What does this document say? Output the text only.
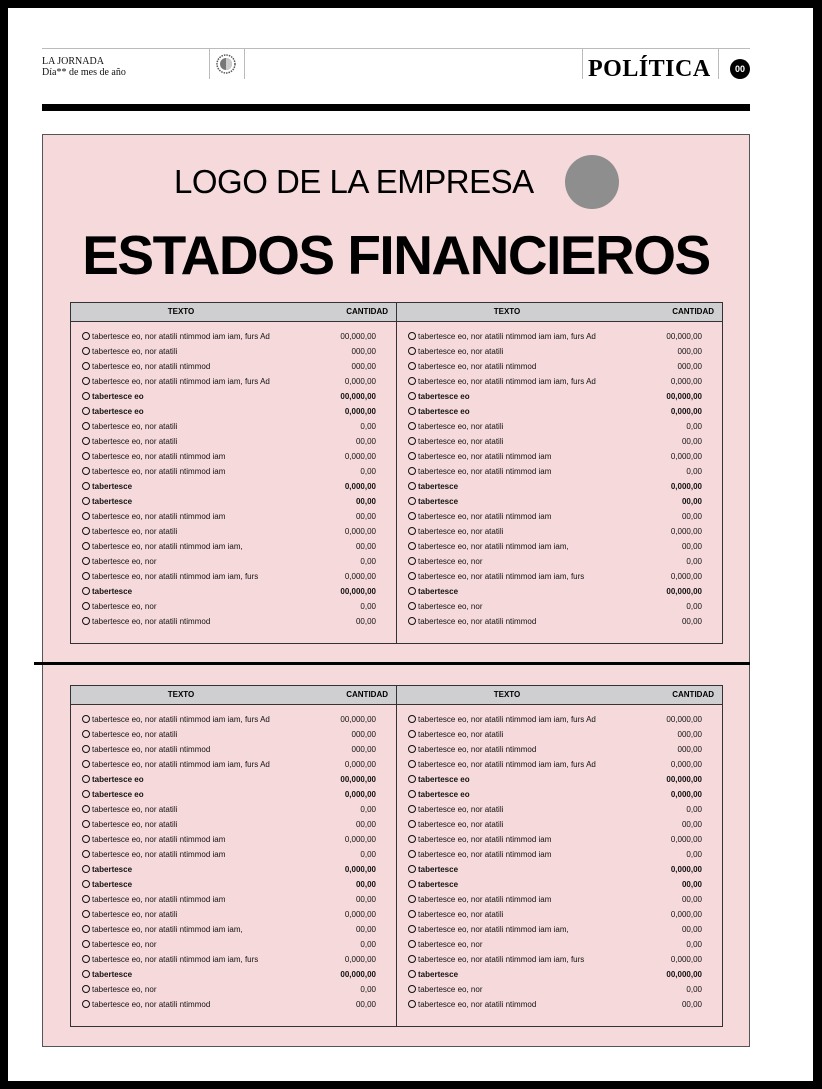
LA JORNADA
Día** de mes de año	POLÍTICA	00
LOGO DE LA EMPRESA
ESTADOS FINANCIEROS
TEXTO	CANTIDAD
tabertesce eo, nor atatili ntimmod iam iam, furs Ad	00,000,00
tabertesce eo, nor atatili	000,00
tabertesce eo, nor atatili ntimmod	000,00
tabertesce eo, nor atatili ntimmod iam iam, furs Ad	0,000,00
tabertesce eo	00,000,00
tabertesce eo	0,000,00
tabertesce eo, nor atatili	0,00
tabertesce eo, nor atatili	00,00
tabertesce eo, nor atatili ntimmod iam	0,000,00
tabertesce eo, nor atatili ntimmod iam	0,00
tabertesce	0,000,00
tabertesce	00,00
tabertesce eo, nor atatili ntimmod iam	00,00
tabertesce eo, nor atatili	0,000,00
tabertesce eo, nor atatili ntimmod iam iam,	00,00
tabertesce eo, nor	0,00
tabertesce eo, nor atatili ntimmod iam iam, furs	0,000,00
tabertesce	00,000,00
tabertesce eo, nor	0,00
tabertesce eo, nor atatili ntimmod	00,00
TEXTO	CANTIDAD
tabertesce eo, nor atatili ntimmod iam iam, furs Ad	00,000,00
tabertesce eo, nor atatili	000,00
tabertesce eo, nor atatili ntimmod	000,00
tabertesce eo, nor atatili ntimmod iam iam, furs Ad	0,000,00
tabertesce eo	00,000,00
tabertesce eo	0,000,00
tabertesce eo, nor atatili	0,00
tabertesce eo, nor atatili	00,00
tabertesce eo, nor atatili ntimmod iam	0,000,00
tabertesce eo, nor atatili ntimmod iam	0,00
tabertesce	0,000,00
tabertesce	00,00
tabertesce eo, nor atatili ntimmod iam	00,00
tabertesce eo, nor atatili	0,000,00
tabertesce eo, nor atatili ntimmod iam iam,	00,00
tabertesce eo, nor	0,00
tabertesce eo, nor atatili ntimmod iam iam, furs	0,000,00
tabertesce	00,000,00
tabertesce eo, nor	0,00
tabertesce eo, nor atatili ntimmod	00,00
TEXTO	CANTIDAD
tabertesce eo, nor atatili ntimmod iam iam, furs Ad	00,000,00
tabertesce eo, nor atatili	000,00
tabertesce eo, nor atatili ntimmod	000,00
tabertesce eo, nor atatili ntimmod iam iam, furs Ad	0,000,00
tabertesce eo	00,000,00
tabertesce eo	0,000,00
tabertesce eo, nor atatili	0,00
tabertesce eo, nor atatili	00,00
tabertesce eo, nor atatili ntimmod iam	0,000,00
tabertesce eo, nor atatili ntimmod iam	0,00
tabertesce	0,000,00
tabertesce	00,00
tabertesce eo, nor atatili ntimmod iam	00,00
tabertesce eo, nor atatili	0,000,00
tabertesce eo, nor atatili ntimmod iam iam,	00,00
tabertesce eo, nor	0,00
tabertesce eo, nor atatili ntimmod iam iam, furs	0,000,00
tabertesce	00,000,00
tabertesce eo, nor	0,00
tabertesce eo, nor atatili ntimmod	00,00
TEXTO	CANTIDAD
tabertesce eo, nor atatili ntimmod iam iam, furs Ad	00,000,00
tabertesce eo, nor atatili	000,00
tabertesce eo, nor atatili ntimmod	000,00
tabertesce eo, nor atatili ntimmod iam iam, furs Ad	0,000,00
tabertesce eo	00,000,00
tabertesce eo	0,000,00
tabertesce eo, nor atatili	0,00
tabertesce eo, nor atatili	00,00
tabertesce eo, nor atatili ntimmod iam	0,000,00
tabertesce eo, nor atatili ntimmod iam	0,00
tabertesce	0,000,00
tabertesce	00,00
tabertesce eo, nor atatili ntimmod iam	00,00
tabertesce eo, nor atatili	0,000,00
tabertesce eo, nor atatili ntimmod iam iam,	00,00
tabertesce eo, nor	0,00
tabertesce eo, nor atatili ntimmod iam iam, furs	0,000,00
tabertesce	00,000,00
tabertesce eo, nor	0,00
tabertesce eo, nor atatili ntimmod	00,00
